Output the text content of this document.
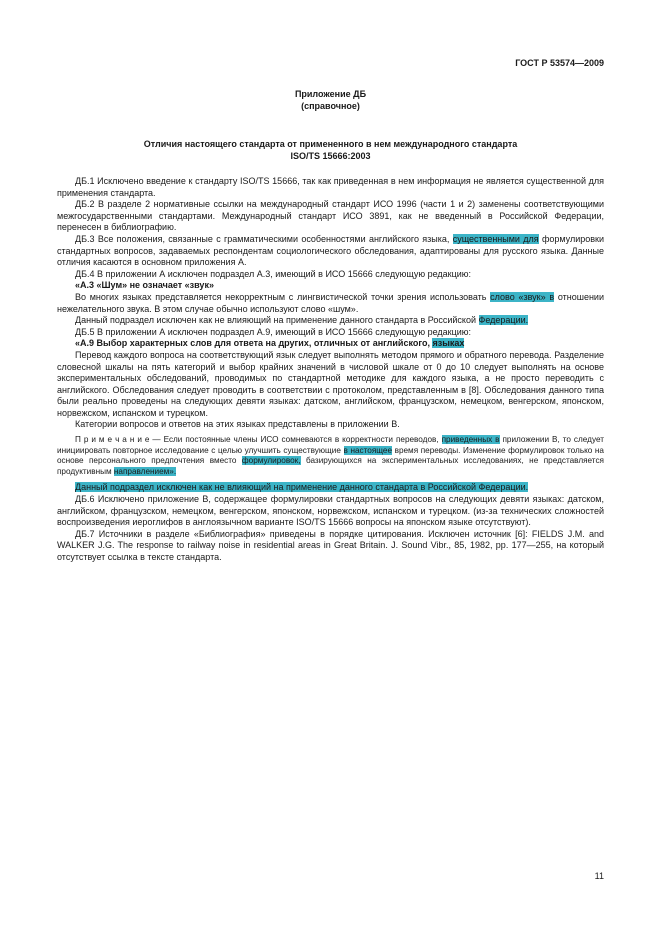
ГОСТ Р 53574—2009
Приложение ДБ
(справочное)
Отличия настоящего стандарта от примененного в нем международного стандарта
ISO/TS 15666:2003

ДБ.1 Исключено введение к стандарту ISO/TS 15666, так как приведенная в нем информация не является существенной для применения стандарта.

ДБ.2 В разделе 2 нормативные ссылки на международный стандарт ИСО 1996 (части 1 и 2) заменены соответствующими межгосударственными стандартами. Международный стандарт ИСО 3891, как не введенный в Российской Федерации, перенесен в библиографию.

ДБ.3 Все положения, связанные с грамматическими особенностями английского языка, существенными для формулировки стандартных вопросов, задаваемых респондентам социологического обследования, адаптированы для русского языка. Данные отличия касаются в основном приложения А.

ДБ.4 В приложении А исключен подраздел А.3, имеющий в ИСО 15666 следующую редакцию:

«А.3 «Шум» не означает «звук»

Во многих языках представляется некорректным с лингвистической точки зрения использовать слово «звук» в отношении нежелательного звука. В этом случае обычно используют слово «шум».

Данный подраздел исключен как не влияющий на применение данного стандарта в Российской Федерации.

ДБ.5 В приложении А исключен подраздел А.9, имеющий в ИСО 15666 следующую редакцию:

«А.9 Выбор характерных слов для ответа на других, отличных от английского, языках

Перевод каждого вопроса на соответствующий язык следует выполнять методом прямого и обратного перевода. Разделение словесной шкалы на пять категорий и выбор крайних значений в числовой шкале от 0 до 10 следует выполнять на основе экспериментальных обследований, проводимых по стандартной методике для каждого языка, а не просто переводить с английского. Обследования следует проводить в соответствии с протоколом, представленным в [8]. Обследования данного типа были реально проведены на следующих девяти языках: датском, английском, французском, немецком, венгерском, японском, норвежском, испанском и турецком.

Категории вопросов и ответов на этих языках представлены в приложении В.

П р и м е ч а н и е — Если постоянные члены ИСО сомневаются в корректности переводов, приведенных в приложении В, то следует инициировать повторное исследование с целью улучшить существующие в настоящее время переводы. Изменение формулировок только на основе персонального предпочтения вместо формулировок, базирующихся на экспериментальных исследованиях, не представляется продуктивным направлением».

Данный подраздел исключен как не влияющий на применение данного стандарта в Российской Федерации.

ДБ.6 Исключено приложение В, содержащее формулировки стандартных вопросов на следующих девяти языках: датском, английском, французском, немецком, венгерском, японском, норвежском, испанском и турецком. (из-за технических сложностей воспроизведения иероглифов в англоязычном варианте ISO/TS 15666 вопросы на японском языке отсутствуют).

ДБ.7 Источники в разделе «Библиография» приведены в порядке цитирования. Исключен источник [6]: FIELDS J.M. and WALKER J.G. The response to railway noise in residential areas in Great Britain. J. Sound Vibr., 85, 1982, pp. 177—255, на который отсутствует ссылка в тексте стандарта.

11
